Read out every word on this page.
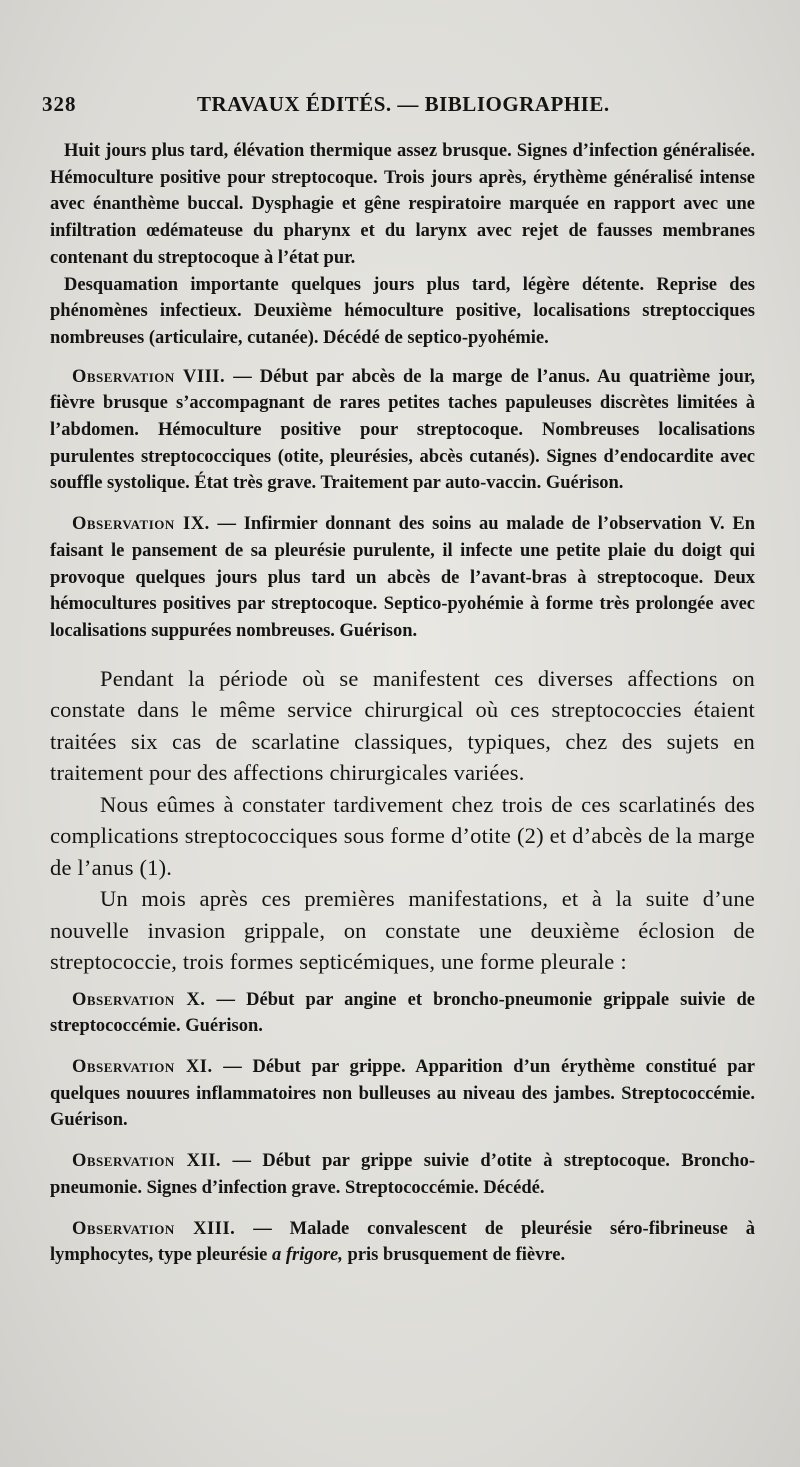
328	TRAVAUX ÉDITÉS. — BIBLIOGRAPHIE.

Huit jours plus tard, élévation thermique assez brusque. Signes d’infection généralisée. Hémoculture positive pour streptocoque. Trois jours après, érythème généralisé intense avec énanthème buccal. Dysphagie et gêne respiratoire marquée en rapport avec une infiltration œdémateuse du pharynx et du larynx avec rejet de fausses membranes contenant du streptocoque à l’état pur.

Desquamation importante quelques jours plus tard, légère détente. Reprise des phénomènes infectieux. Deuxième hémoculture positive, localisations streptocciques nombreuses (articulaire, cutanée). Décédé de septico-pyohémie.

Observation VIII. — Début par abcès de la marge de l’anus. Au quatrième jour, fièvre brusque s’accompagnant de rares petites taches papuleuses discrètes limitées à l’abdomen. Hémoculture positive pour streptocoque. Nombreuses localisations purulentes streptococciques (otite, pleurésies, abcès cutanés). Signes d’endocardite avec souffle systolique. État très grave. Traitement par auto-vaccin. Guérison.

Observation IX. — Infirmier donnant des soins au malade de l’observation V. En faisant le pansement de sa pleurésie purulente, il infecte une petite plaie du doigt qui provoque quelques jours plus tard un abcès de l’avant-bras à streptocoque. Deux hémocultures positives par streptocoque. Septico-pyohémie à forme très prolongée avec localisations suppurées nombreuses. Guérison.

Pendant la période où se manifestent ces diverses affections on constate dans le même service chirurgical où ces streptococcies étaient traitées six cas de scarlatine classiques, typiques, chez des sujets en traitement pour des affections chirurgicales variées.

Nous eûmes à constater tardivement chez trois de ces scarlatinés des complications streptococciques sous forme d’otite (2) et d’abcès de la marge de l’anus (1).

Un mois après ces premières manifestations, et à la suite d’une nouvelle invasion grippale, on constate une deuxième éclosion de streptococcie, trois formes septicémiques, une forme pleurale :

Observation X. — Début par angine et broncho-pneumonie grippale suivie de streptococcémie. Guérison.

Observation XI. — Début par grippe. Apparition d’un érythème constitué par quelques nouures inflammatoires non bulleuses au niveau des jambes. Streptococcémie. Guérison.

Observation XII. — Début par grippe suivie d’otite à streptocoque. Broncho-pneumonie. Signes d’infection grave. Streptococcémie. Décédé.

Observation XIII. — Malade convalescent de pleurésie séro-fibrineuse à lymphocytes, type pleurésie a frigore, pris brusquement de fièvre.
